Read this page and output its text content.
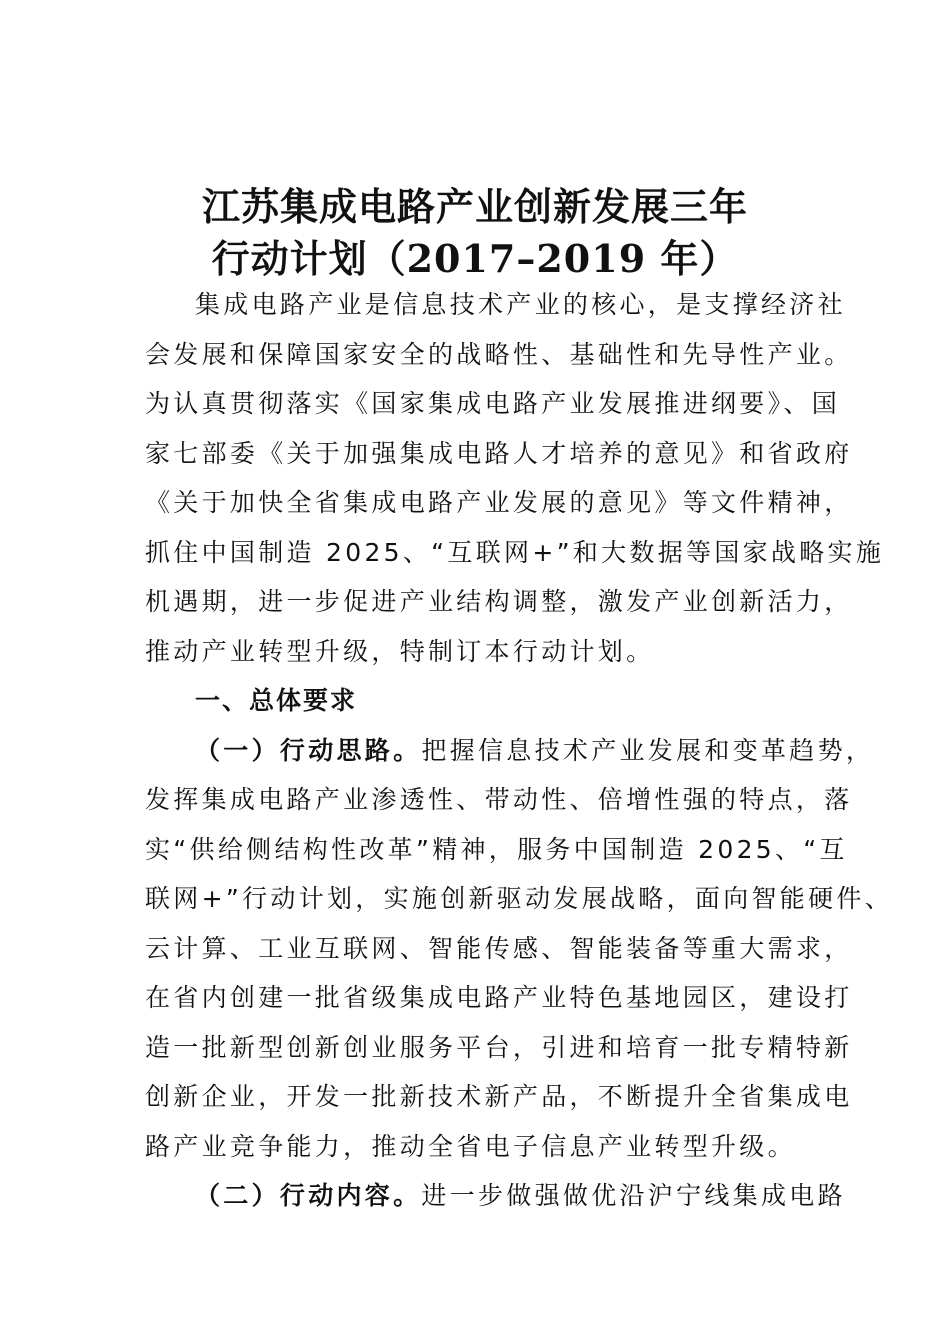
江苏集成电路产业创新发展三年
行动计划（2017–2019 年）
集成电路产业是信息技术产业的核心，是支撑经济社
会发展和保障国家安全的战略性、基础性和先导性产业。
为认真贯彻落实《国家集成电路产业发展推进纲要》、国
家七部委《关于加强集成电路人才培养的意见》和省政府
《关于加快全省集成电路产业发展的意见》等文件精神，
抓住中国制造 2025、“互联网+”和大数据等国家战略实施
机遇期，进一步促进产业结构调整，激发产业创新活力，
推动产业转型升级，特制订本行动计划。
一、总体要求
（一）行动思路。把握信息技术产业发展和变革趋势，
发挥集成电路产业渗透性、带动性、倍增性强的特点，落
实“供给侧结构性改革”精神，服务中国制造 2025、“互
联网+”行动计划，实施创新驱动发展战略，面向智能硬件、
云计算、工业互联网、智能传感、智能装备等重大需求，
在省内创建一批省级集成电路产业特色基地园区，建设打
造一批新型创新创业服务平台，引进和培育一批专精特新
创新企业，开发一批新技术新产品，不断提升全省集成电
路产业竞争能力，推动全省电子信息产业转型升级。
（二）行动内容。进一步做强做优沿沪宁线集成电路
